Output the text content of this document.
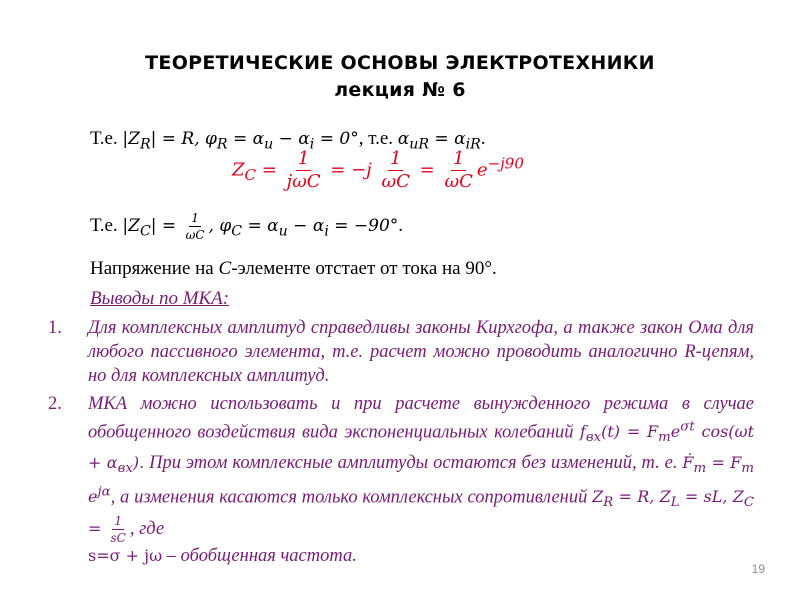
ТЕОРЕТИЧЕСКИЕ ОСНОВЫ ЭЛЕКТРОТЕХНИКИ
лекция № 6
Т.е. $|Z_R| = R$, $\varphi_R = \alpha_u - \alpha_i = 0^\circ$, т.е. $\alpha_{uR} = \alpha_{iR}$.
$Z_C = \frac{1}{\text{jωC}} = -j \frac{1}{\omega C} = \frac{1}{\omega C} e^{-j90}$
Т.е. $|Z_C| = \frac{1}{\omega C}$ , $\varphi_C = \alpha_u - \alpha_i = -90^\circ$.
Напряжение на C-элементе отстает от тока на 90°.
Выводы по МКА:
1. Для комплексных амплитуд справедливы законы Кирхгофа, а также закон Ома для любого пассивного элемента, т.е. расчет можно проводить аналогично R-цепям, но для комплексных амплитуд.
2. МКА можно использовать и при расчете вынужденного режима в случае обобщенного воздействия вида экспоненциальных колебаний $f_{вх}(t) = F_me^{\sigma t}$ $\cos(\omega t + \alpha_{вх})$. При этом комплексные амплитуды остаются без изменений, т. е. Ḟ$_m$ = $F_m$ $e^{j\alpha}$, а изменения касаются только комплексных сопротивлений $Z_R = R$, $Z_L$ = sL, $Z_C = \frac{1}{sC}$ , где
s=σ + jω – обобщенная частота.
19
